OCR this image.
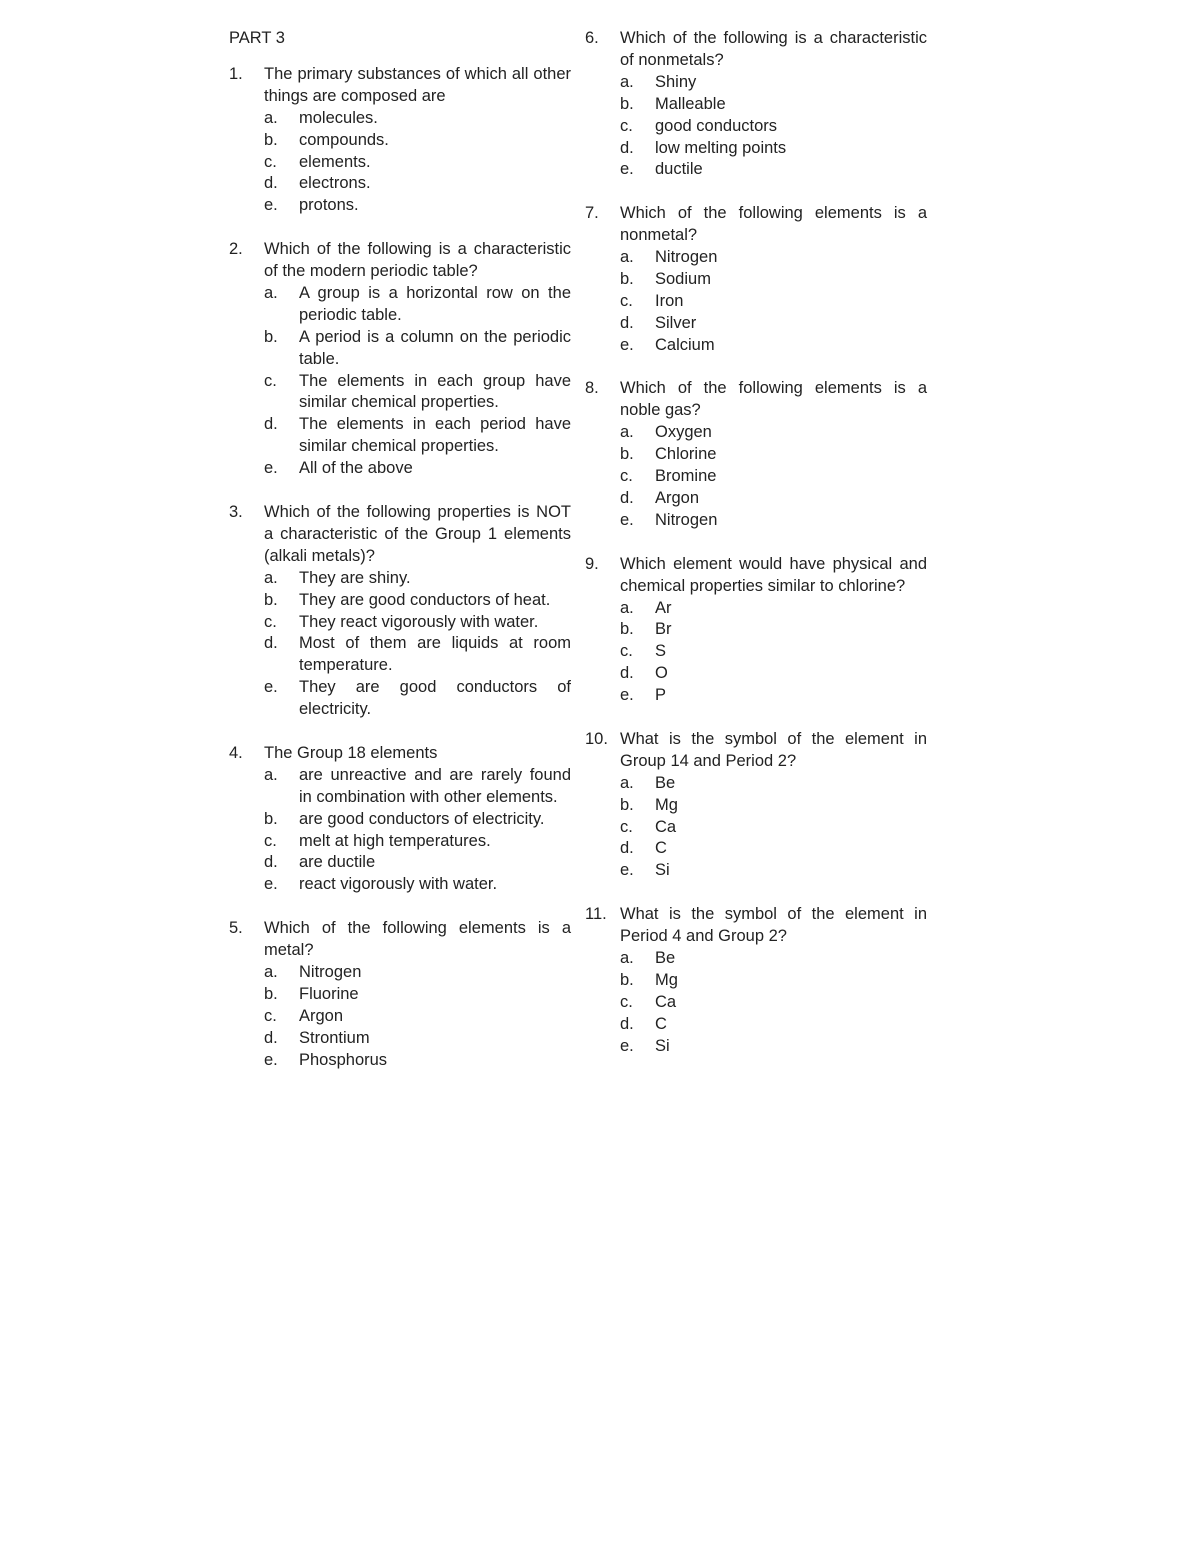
PART 3
1. The primary substances of which all other things are composed are
a. molecules.
b. compounds.
c. elements.
d. electrons.
e. protons.
2. Which of the following is a characteristic of the modern periodic table?
a. A group is a horizontal row on the periodic table.
b. A period is a column on the periodic table.
c. The elements in each group have similar chemical properties.
d. The elements in each period have similar chemical properties.
e. All of the above
3. Which of the following properties is NOT a characteristic of the Group 1 elements (alkali metals)?
a. They are shiny.
b. They are good conductors of heat.
c. They react vigorously with water.
d. Most of them are liquids at room temperature.
e. They are good conductors of electricity.
4. The Group 18 elements
a. are unreactive and are rarely found in combination with other elements.
b. are good conductors of electricity.
c. melt at high temperatures.
d. are ductile
e. react vigorously with water.
5. Which of the following elements is a metal?
a. Nitrogen
b. Fluorine
c. Argon
d. Strontium
e. Phosphorus
6. Which of the following is a characteristic of nonmetals?
a. Shiny
b. Malleable
c. good conductors
d. low melting points
e. ductile
7. Which of the following elements is a nonmetal?
a. Nitrogen
b. Sodium
c. Iron
d. Silver
e. Calcium
8. Which of the following elements is a noble gas?
a. Oxygen
b. Chlorine
c. Bromine
d. Argon
e. Nitrogen
9. Which element would have physical and chemical properties similar to chlorine?
a. Ar
b. Br
c. S
d. O
e. P
10. What is the symbol of the element in Group 14 and Period 2?
a. Be
b. Mg
c. Ca
d. C
e. Si
11. What is the symbol of the element in Period 4 and Group 2?
a. Be
b. Mg
c. Ca
d. C
e. Si
